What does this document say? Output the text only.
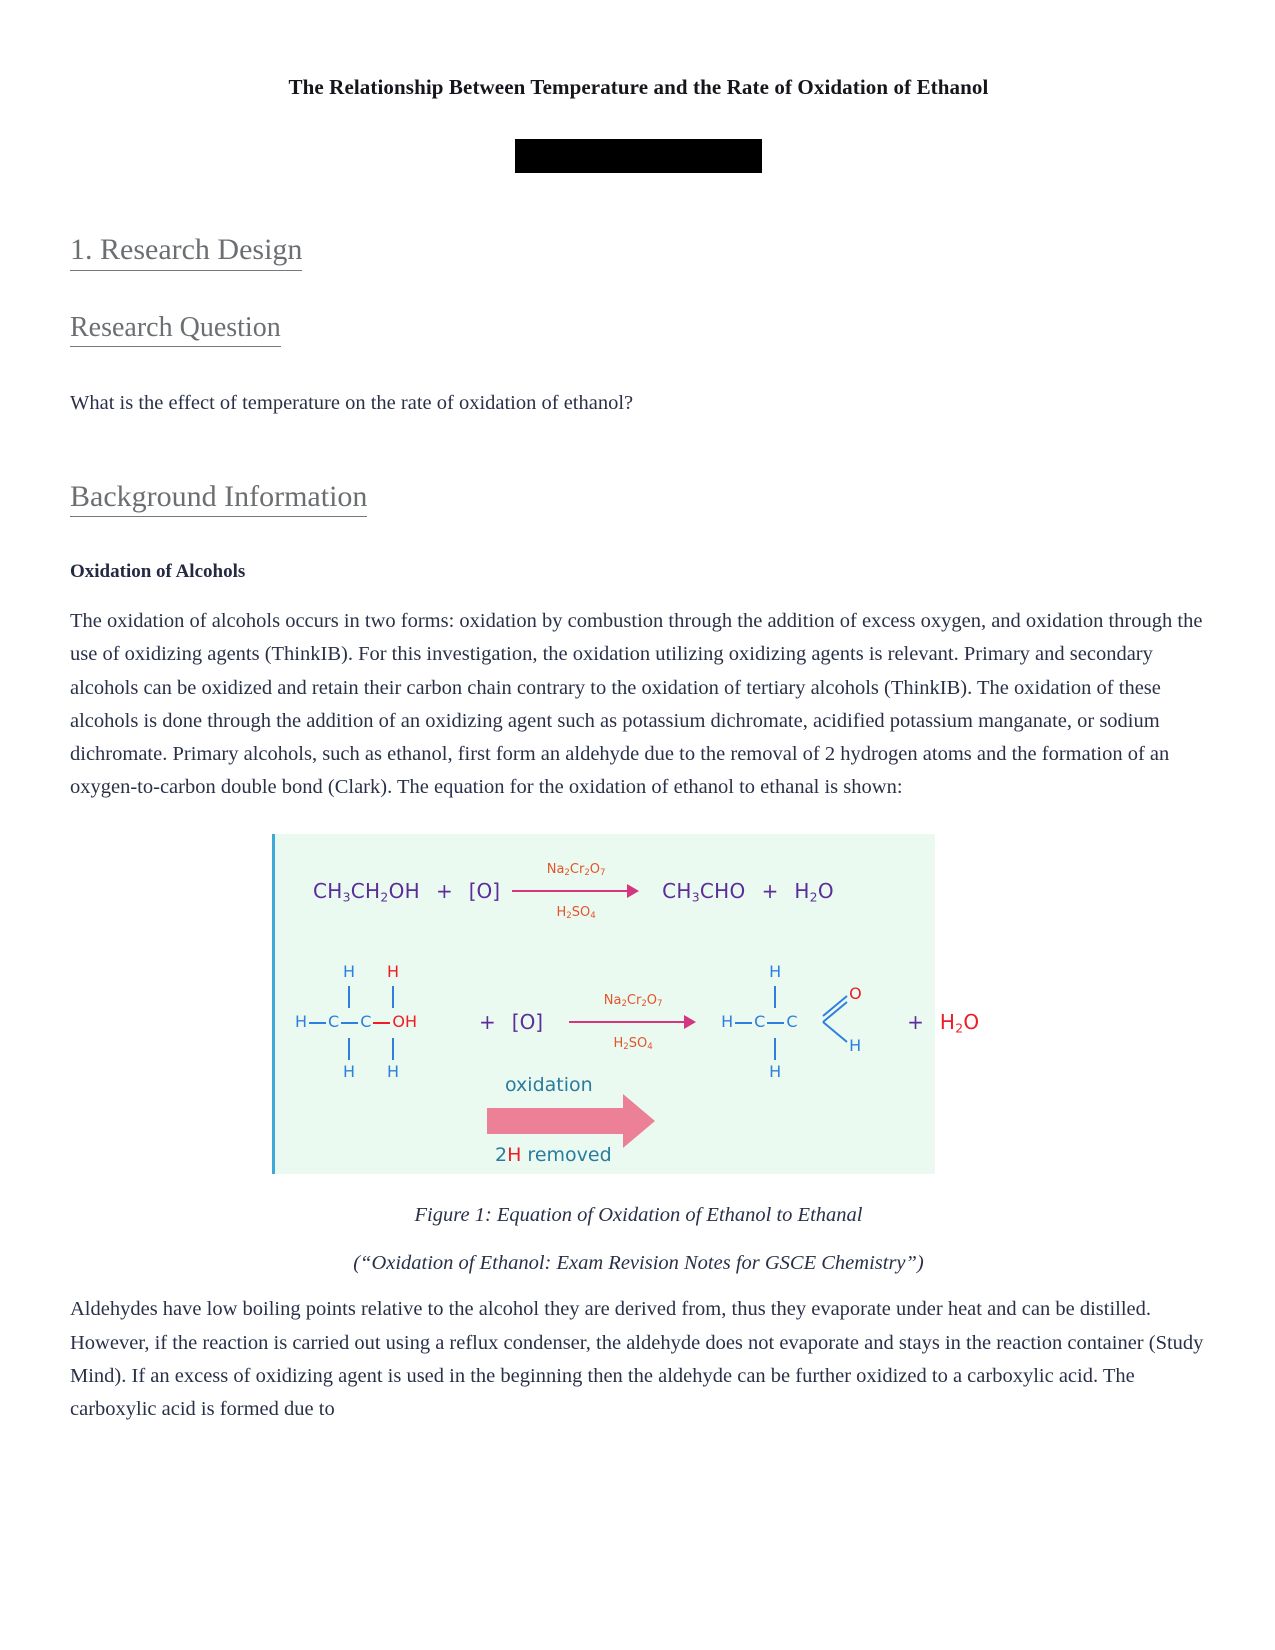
The Relationship Between Temperature and the Rate of Oxidation of Ethanol
1. Research Design
Research Question

What is the effect of temperature on the rate of oxidation of ethanol?

Background Information
Oxidation of Alcohols

The oxidation of alcohols occurs in two forms: oxidation by combustion through the addition of excess oxygen, and oxidation through the use of oxidizing agents (ThinkIB). For this investigation, the oxidation utilizing oxidizing agents is relevant. Primary and secondary alcohols can be oxidized and retain their carbon chain contrary to the oxidation of tertiary alcohols (ThinkIB). The oxidation of these alcohols is done through the addition of an oxidizing agent such as potassium dichromate, acidified potassium manganate, or sodium dichromate. Primary alcohols, such as ethanol, first form an aldehyde due to the removal of 2 hydrogen atoms and the formation of an oxygen-to-carbon double bond (Clark). The equation for the oxidation of ethanol to ethanal is shown:

$CH_3CH_2OH + [O]$
$Na_2Cr_2O_7$
$H_2SO_4$
$CH_3CHO + H_2O$
H H
H C C OH
H H
+ [O]
$Na_2Cr_2O_7$
$H_2SO_4$
H
H C C
H
O
H
+ $H_2O$
oxidation
2H removed
Figure 1: Equation of Oxidation of Ethanol to Ethanal
(“Oxidation of Ethanol: Exam Revision Notes for GSCE Chemistry”)

Aldehydes have low boiling points relative to the alcohol they are derived from, thus they evaporate under heat and can be distilled. However, if the reaction is carried out using a reflux condenser, the aldehyde does not evaporate and stays in the reaction container (Study Mind). If an excess of oxidizing agent is used in the beginning then the aldehyde can be further oxidized to a carboxylic acid. The carboxylic acid is formed due to
